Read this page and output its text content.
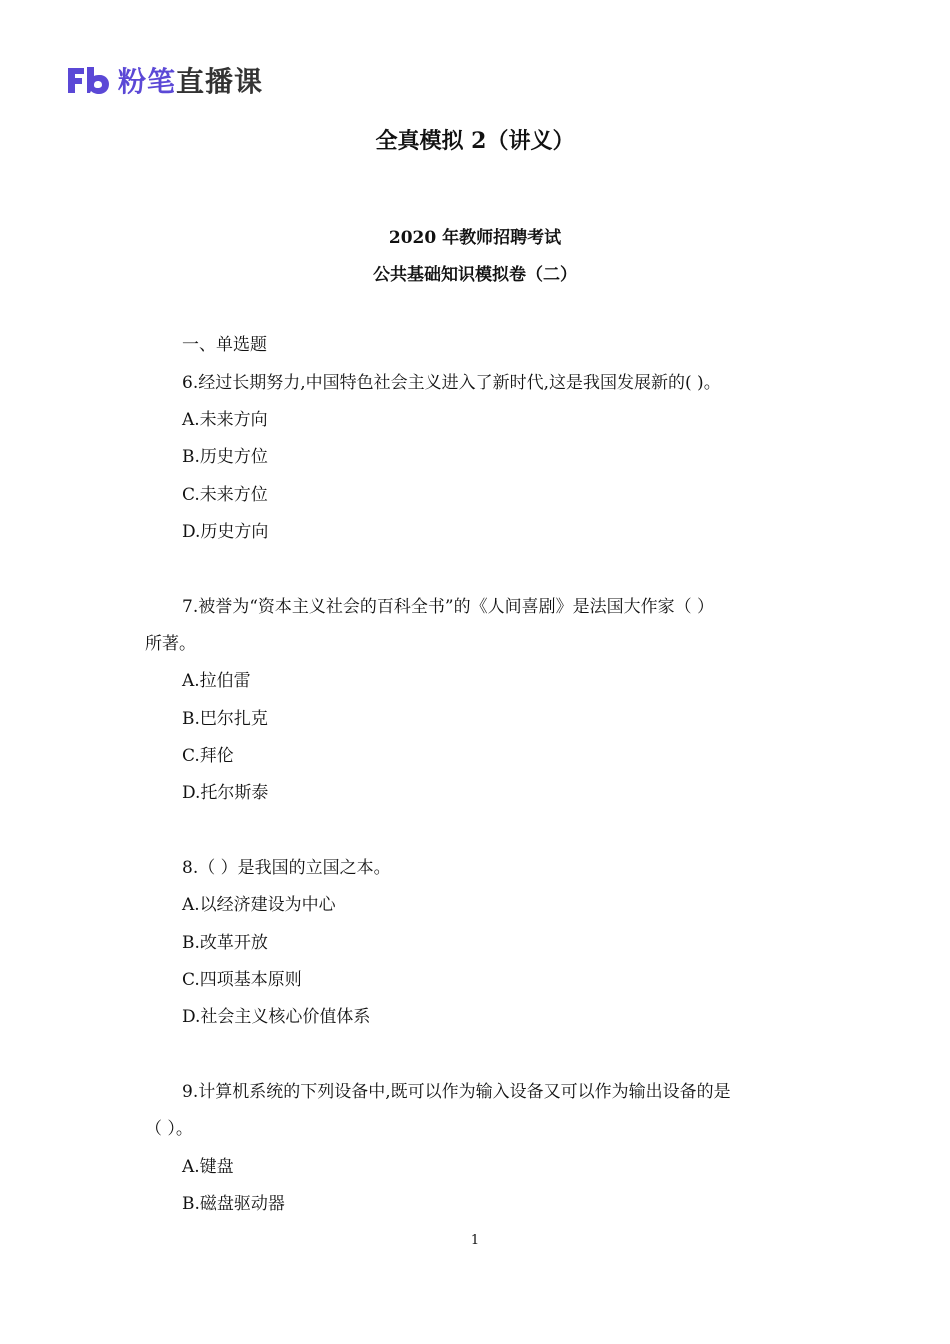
粉笔直播课
全真模拟 2（讲义）
2020 年教师招聘考试
公共基础知识模拟卷（二）
一、单选题
6.经过长期努力,中国特色社会主义进入了新时代,这是我国发展新的( )。
A.未来方向
B.历史方位
C.未来方位
D.历史方向
7.被誉为“资本主义社会的百科全书”的《人间喜剧》是法国大作家（ ）
所著。
A.拉伯雷
B.巴尔扎克
C.拜伦
D.托尔斯泰
8.（ ）是我国的立国之本。
A.以经济建设为中心
B.改革开放
C.四项基本原则
D.社会主义核心价值体系
9.计算机系统的下列设备中,既可以作为输入设备又可以作为输出设备的是
（ ）。
A.键盘
B.磁盘驱动器
1
